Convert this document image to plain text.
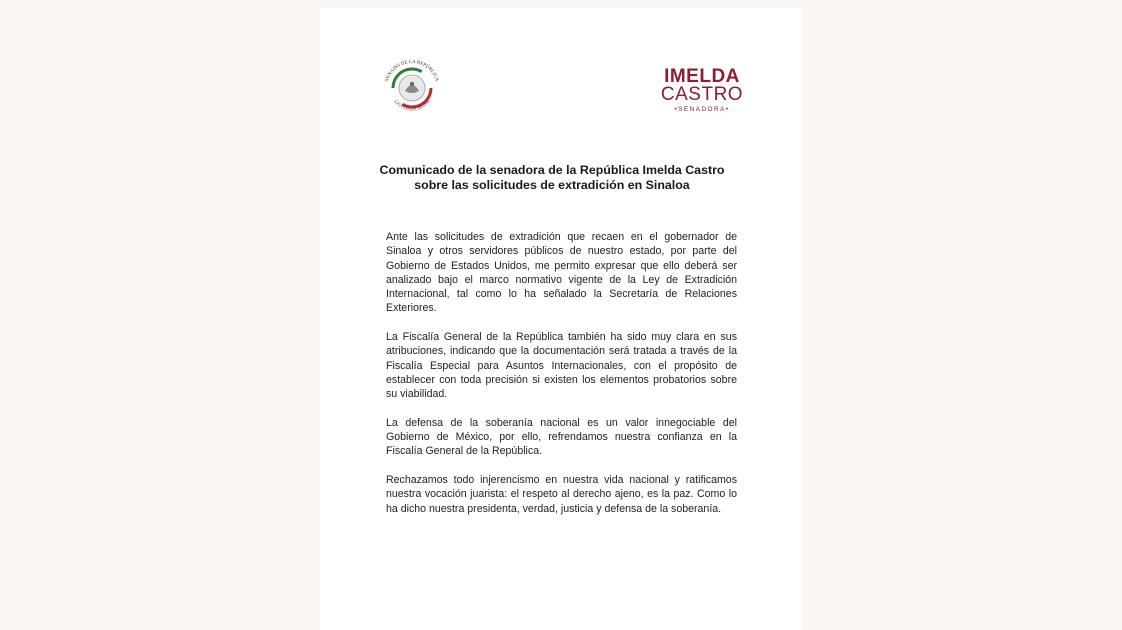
SENADO DE LA REPÚBLICA
LXVI LEGISLATURA
IMELDA
CASTRO
•SENADORA•
Comunicado de la senadora de la República Imelda Castro
sobre las solicitudes de extradición en Sinaloa

Ante las solicitudes de extradición que recaen en el gobernador de Sinaloa y otros servidores públicos de nuestro estado, por parte del Gobierno de Estados Unidos, me permito expresar que ello deberá ser analizado bajo el marco normativo vigente de la Ley de Extradición Internacional, tal como lo ha señalado la Secretaría de Relaciones Exteriores.

La Fiscalía General de la República también ha sido muy clara en sus atribuciones, indicando que la documentación será tratada a través de la Fiscalía Especial para Asuntos Internacionales, con el propósito de establecer con toda precisión si existen los elementos probatorios sobre su viabilidad.

La defensa de la soberanía nacional es un valor innegociable del Gobierno de México, por ello, refrendamos nuestra confianza en la Fiscalía General de la República.

Rechazamos todo injerencismo en nuestra vida nacional y ratificamos nuestra vocación juarista: el respeto al derecho ajeno, es la paz. Como lo ha dicho nuestra presidenta, verdad, justicia y defensa de la soberanía.
